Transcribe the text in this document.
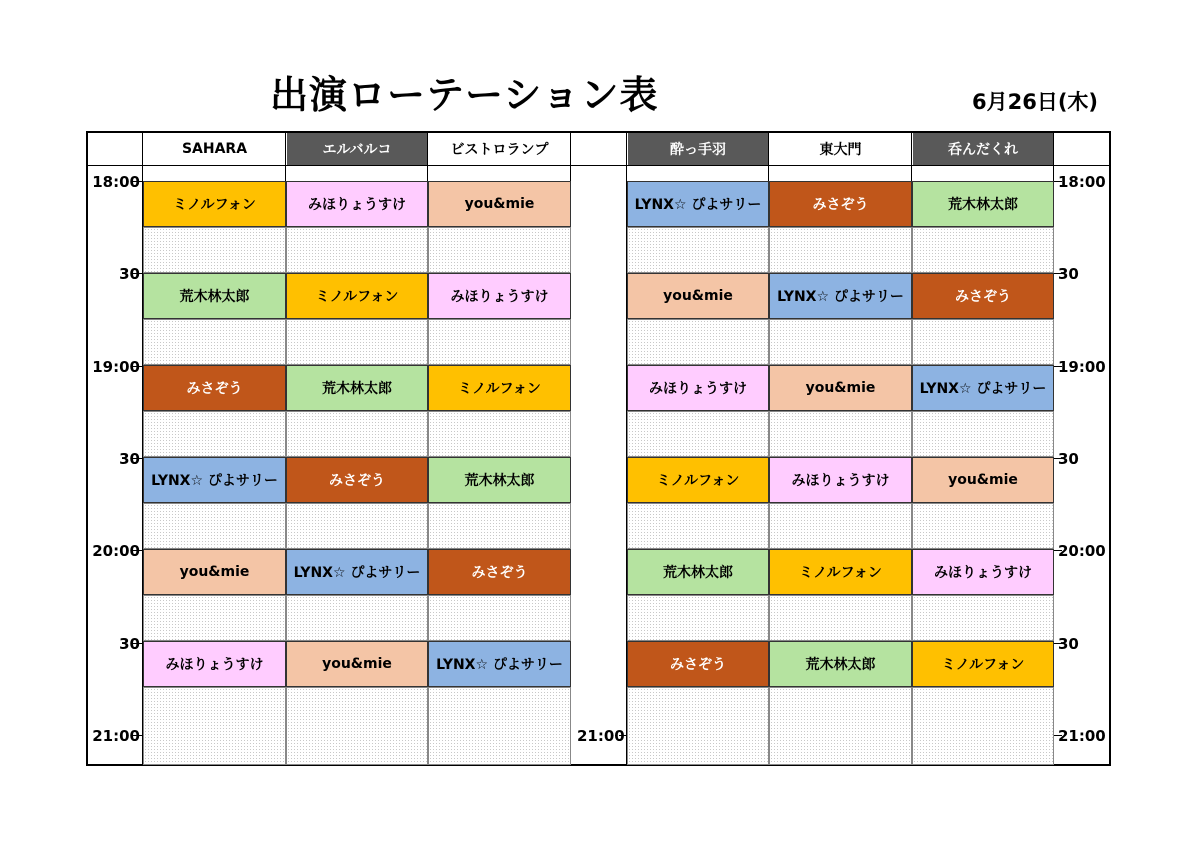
出演ローテーション表	6月26日(木)
SAHARA
ミノルフォン
荒木林太郎
みさぞう
LYNX☆ ぴよサリー
you&mie
みほりょうすけ
エルバルコ
みほりょうすけ
ミノルフォン
荒木林太郎
みさぞう
LYNX☆ ぴよサリー
you&mie
ビストロランプ
you&mie
みほりょうすけ
ミノルフォン
荒木林太郎
みさぞう
LYNX☆ ぴよサリー
酔っ手羽
LYNX☆ ぴよサリー
you&mie
みほりょうすけ
ミノルフォン
荒木林太郎
みさぞう
東大門
みさぞう
LYNX☆ ぴよサリー
you&mie
みほりょうすけ
ミノルフォン
荒木林太郎
呑んだくれ
荒木林太郎
みさぞう
LYNX☆ ぴよサリー
you&mie
みほりょうすけ
ミノルフォン
18:00
30
19:00
30
20:00
30
21:00
18:00
30
19:00
30
20:00
30
21:00
21:00
